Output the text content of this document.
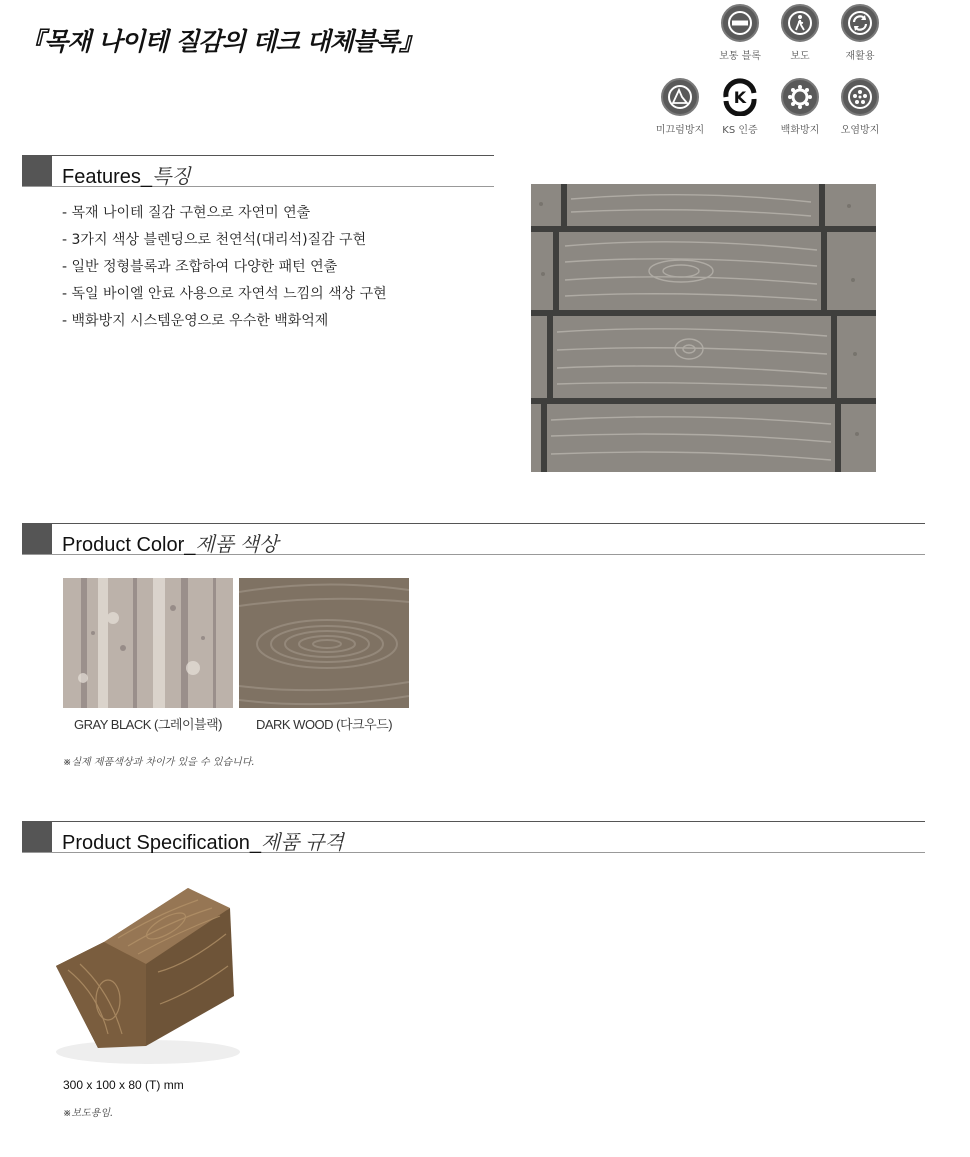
『목재 나이테 질감의 데크 대체블록』
보통 블록	보도	재활용
미끄럼방지
K
KS 인증	백화방지	오염방지
Features_특징
- 목재 나이테 질감 구현으로 자연미 연출
- 3가지 색상 블렌딩으로 천연석(대리석)질감 구현
- 일반 정형블록과 조합하여 다양한 패턴 연출
- 독일 바이엘 안료 사용으로 자연석 느낌의 색상 구현
- 백화방지 시스템운영으로 우수한 백화억제
Product Color_제품 색상
GRAY BLACK (그레이블랙)	DARK WOOD (다크우드)
※실제 제품색상과 차이가 있을 수 있습니다.
Product Specification_제품 규격
300 x 100 x 80 (T) mm
※보도용임.
